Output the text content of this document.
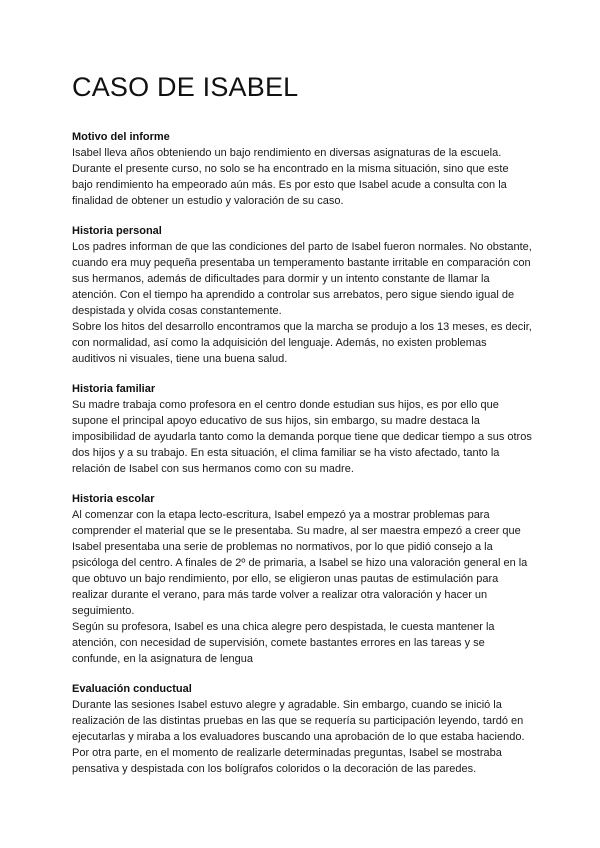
CASO DE ISABEL
Motivo del informe

Isabel lleva años obteniendo un bajo rendimiento en diversas asignaturas de la escuela. Durante el presente curso, no solo se ha encontrado en la misma situación, sino que este bajo rendimiento ha empeorado aún más. Es por esto que Isabel acude a consulta con la finalidad de obtener un estudio y valoración de su caso.

Historia personal

Los padres informan de que las condiciones del parto de Isabel fueron normales. No obstante, cuando era muy pequeña presentaba un temperamento bastante irritable en comparación con sus hermanos, además de dificultades para dormir y un intento constante de llamar la atención. Con el tiempo ha aprendido a controlar sus arrebatos, pero sigue siendo igual de despistada y olvida cosas constantemente.

Sobre los hitos del desarrollo encontramos que la marcha se produjo a los 13 meses, es decir, con normalidad, así como la adquisición del lenguaje. Además, no existen problemas auditivos ni visuales, tiene una buena salud.

Historia familiar

Su madre trabaja como profesora en el centro donde estudian sus hijos, es por ello que supone el principal apoyo educativo de sus hijos, sin embargo, su madre destaca la imposibilidad de ayudarla tanto como la demanda porque tiene que dedicar tiempo a sus otros dos hijos y a su trabajo. En esta situación, el clima familiar se ha visto afectado, tanto la relación de Isabel con sus hermanos como con su madre.

Historia escolar

Al comenzar con la etapa lecto-escritura, Isabel empezó ya a mostrar problemas para comprender el material que se le presentaba. Su madre, al ser maestra empezó a creer que Isabel presentaba una serie de problemas no normativos, por lo que pidió consejo a la psicóloga del centro. A finales de 2º de primaria, a Isabel se hizo una valoración general en la que obtuvo un bajo rendimiento, por ello, se eligieron unas pautas de estimulación para realizar durante el verano, para más tarde volver a realizar otra valoración y hacer un seguimiento.

Según su profesora, Isabel es una chica alegre pero despistada, le cuesta mantener la atención, con necesidad de supervisión, comete bastantes errores en las tareas y se confunde, en la asignatura de lengua

Evaluación conductual

Durante las sesiones Isabel estuvo alegre y agradable. Sin embargo, cuando se inició la realización de las distintas pruebas en las que se requería su participación leyendo, tardó en ejecutarlas y miraba a los evaluadores buscando una aprobación de lo que estaba haciendo. Por otra parte, en el momento de realizarle determinadas preguntas, Isabel se mostraba pensativa y despistada con los bolígrafos coloridos o la decoración de las paredes.
